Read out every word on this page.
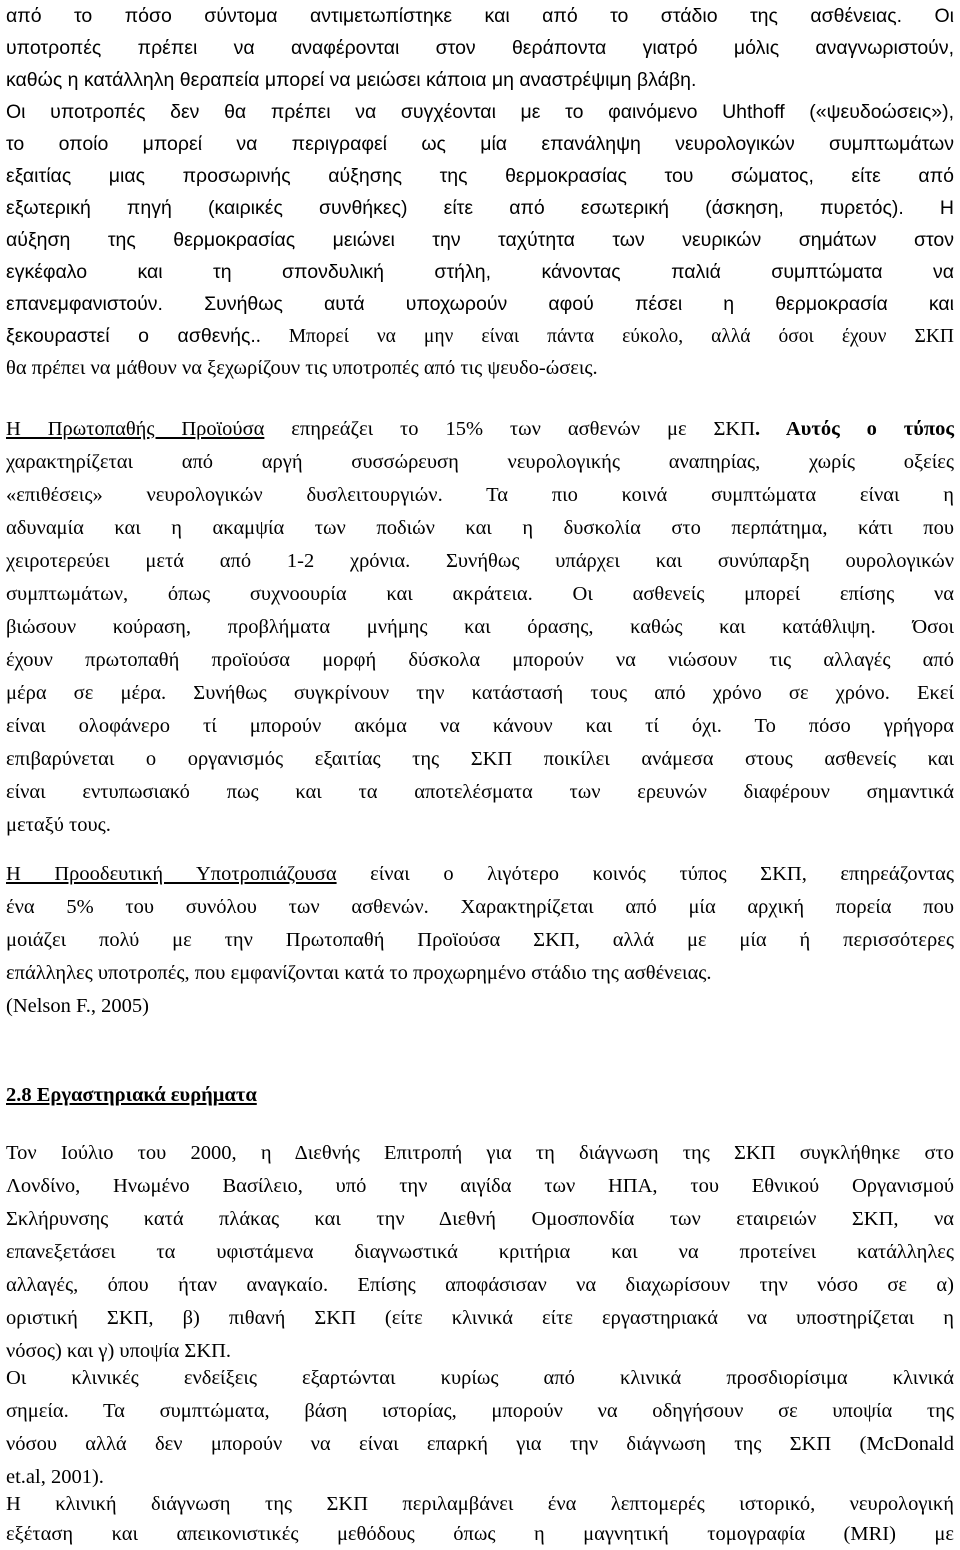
από το πόσο σύντομα αντιμετωπίστηκε και από το στάδιο της ασθένειας. Οι
υποτροπές πρέπει να αναφέρονται στον θεράποντα γιατρό μόλις αναγνωριστούν,
καθώς η κατάλληλη θεραπεία μπορεί να μειώσει κάποια μη αναστρέψιμη βλάβη.
Οι υποτροπές δεν θα πρέπει να συγχέονται με το φαινόμενο Uhthoff («ψευδοώσεις»),
το οποίο μπορεί να περιγραφεί ως μία επανάληψη νευρολογικών συμπτωμάτων
εξαιτίας μιας προσωρινής αύξησης της θερμοκρασίας του σώματος, είτε από
εξωτερική πηγή (καιρικές συνθήκες) είτε από εσωτερική (άσκηση, πυρετός). Η
αύξηση της θερμοκρασίας μειώνει την ταχύτητα των νευρικών σημάτων στον
εγκέφαλο και τη σπονδυλική στήλη, κάνοντας παλιά συμπτώματα να
επανεμφανιστούν. Συνήθως αυτά υποχωρούν αφού πέσει η θερμοκρασία και
ξεκουραστεί ο ασθενής.. Μπορεί να μην είναι πάντα εύκολο, αλλά όσοι έχουν ΣΚΠ
θα πρέπει να μάθουν να ξεχωρίζουν τις υποτροπές από τις ψευδο-ώσεις.
Η Πρωτοπαθής Προϊούσα επηρεάζει το 15% των ασθενών με ΣΚΠ. Αυτός ο τύπος
χαρακτηρίζεται από αργή συσσώρευση νευρολογικής αναπηρίας, χωρίς οξείες
«επιθέσεις» νευρολογικών δυσλειτουργιών. Τα πιο κοινά συμπτώματα είναι η
αδυναμία και η ακαμψία των ποδιών και η δυσκολία στο περπάτημα, κάτι που
χειροτερεύει μετά από 1-2 χρόνια. Συνήθως υπάρχει και συνύπαρξη ουρολογικών
συμπτωμάτων, όπως συχνοουρία και ακράτεια. Οι ασθενείς μπορεί επίσης να
βιώσουν κούραση, προβλήματα μνήμης και όρασης, καθώς και κατάθλιψη. Όσοι
έχουν πρωτοπαθή προϊούσα μορφή δύσκολα μπορούν να νιώσουν τις αλλαγές από
μέρα σε μέρα. Συνήθως συγκρίνουν την κατάστασή τους από χρόνο σε χρόνο. Εκεί
είναι ολοφάνερο τί μπορούν ακόμα να κάνουν και τί όχι. Το πόσο γρήγορα
επιβαρύνεται ο οργανισμός εξαιτίας της ΣΚΠ ποικίλει ανάμεσα στους ασθενείς και
είναι εντυπωσιακό πως και τα αποτελέσματα των ερευνών διαφέρουν σημαντικά
μεταξύ τους.
Η Προοδευτική Υποτροπιάζουσα είναι ο λιγότερο κοινός τύπος ΣΚΠ, επηρεάζοντας
ένα 5% του συνόλου των ασθενών. Χαρακτηρίζεται από μία αρχική πορεία που
μοιάζει πολύ με την Πρωτοπαθή Προϊούσα ΣΚΠ, αλλά με μία ή περισσότερες
επάλληλες υποτροπές, που εμφανίζονται κατά το προχωρημένο στάδιο της ασθένειας.
(Nelson F., 2005)
2.8 Εργαστηριακά ευρήματα
Τον Ιούλιο του 2000, η Διεθνής Επιτροπή για τη διάγνωση της ΣΚΠ συγκλήθηκε στο
Λονδίνο, Ηνωμένο Βασίλειο, υπό την αιγίδα των ΗΠΑ, του Εθνικού Οργανισμού
Σκλήρυνσης κατά πλάκας και την Διεθνή Ομοσπονδία των εταιρειών ΣΚΠ, να
επανεξετάσει τα υφιστάμενα διαγνωστικά κριτήρια και να προτείνει κατάλληλες
αλλαγές, όπου ήταν αναγκαίο. Επίσης αποφάσισαν να διαχωρίσουν την νόσο σε α)
οριστική ΣΚΠ, β) πιθανή ΣΚΠ (είτε κλινικά είτε εργαστηριακά να υποστηρίζεται η
νόσος) και γ) υποψία ΣΚΠ.
Οι κλινικές ενδείξεις εξαρτώνται κυρίως από κλινικά προσδιορίσιμα κλινικά
σημεία. Τα συμπτώματα, βάση ιστορίας, μπορούν να οδηγήσουν σε υποψία της
νόσου αλλά δεν μπορούν να είναι επαρκή για την διάγνωση της ΣΚΠ (McDonald
et.al, 2001).
Η κλινική διάγνωση της ΣΚΠ περιλαμβάνει ένα λεπτομερές ιστορικό, νευρολογική
εξέταση και απεικονιστικές μεθόδους όπως η μαγνητική τομογραφία (MRI) με
